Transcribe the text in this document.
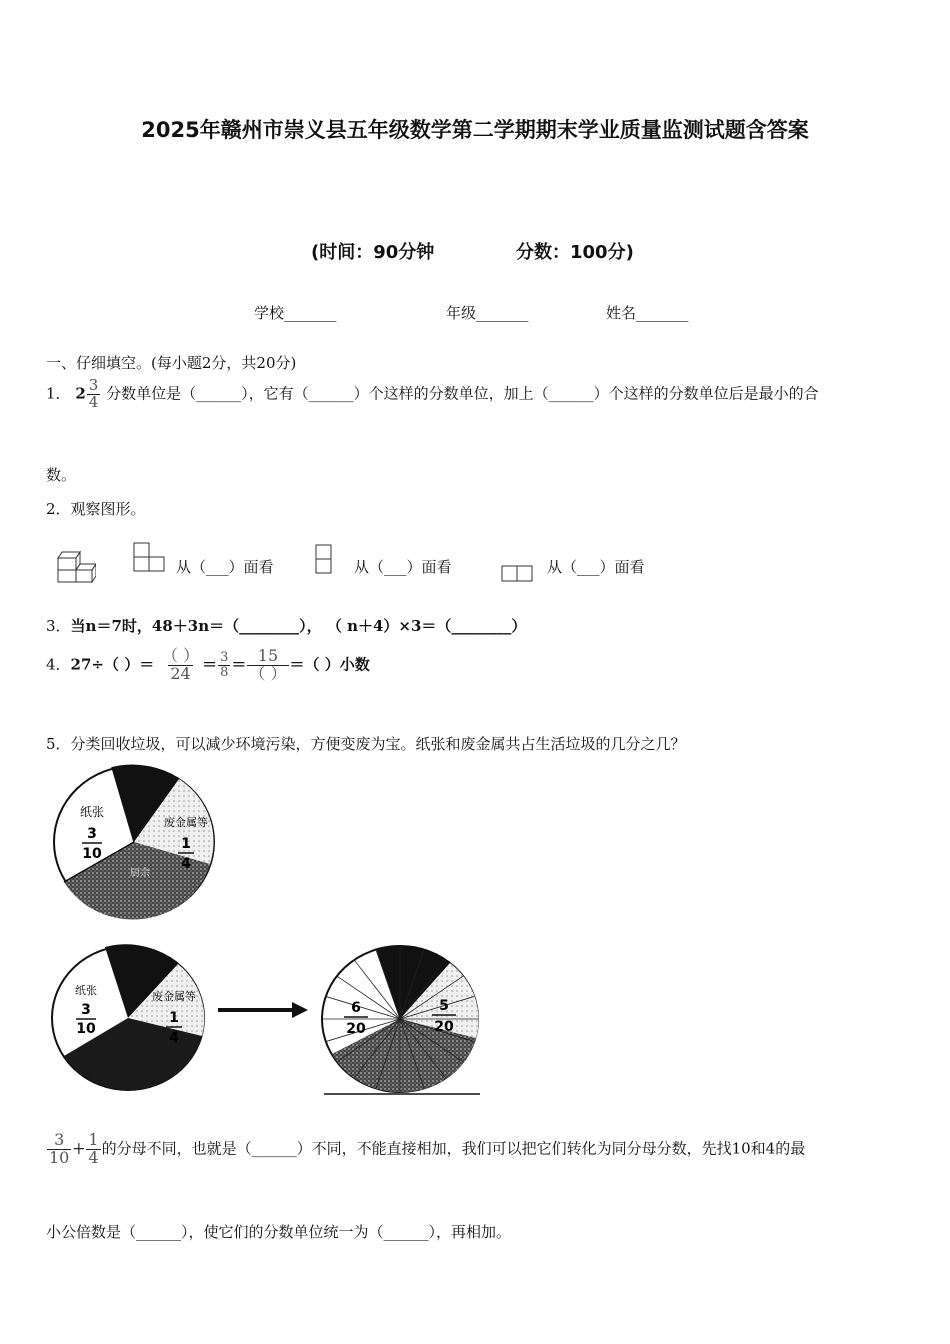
2025年赣州市崇义县五年级数学第二学期期末学业质量监测试题含答案
(时间：90分钟	分数：100分)
学校_______	年级_______	姓名_______
一、仔细填空。(每小题2分，共20分)
1． $2 \frac{3}{4}$ 分数单位是（______），它有（______）个这样的分数单位，加上（______）个这样的分数单位后是最小的合
数。
2．观察图形。
从（___）面看	从（___）面看	从（___）面看
3．当n＝7时，48＋3n＝（________）， （ n＋4）×3＝（________）
4．27÷（ ）＝ $\frac{( )}{24} = \frac{3}{8} = \frac{15}{( )}$ ＝（ ）小数
5．分类回收垃圾，可以减少环境污染，方便变废为宝。纸张和废金属共占生活垃圾的几分之几？
纸张
3
10
废金属等
1
4
厨余
纸张
3
10
废金属等
1
4
6
20
5
20
$\frac{3}{10} + \frac{1}{4}$ 的分母不同，也就是（______）不同，不能直接相加，我们可以把它们转化为同分母分数，先找10和4的最
小公倍数是（______），使它们的分数单位统一为（______），再相加。
